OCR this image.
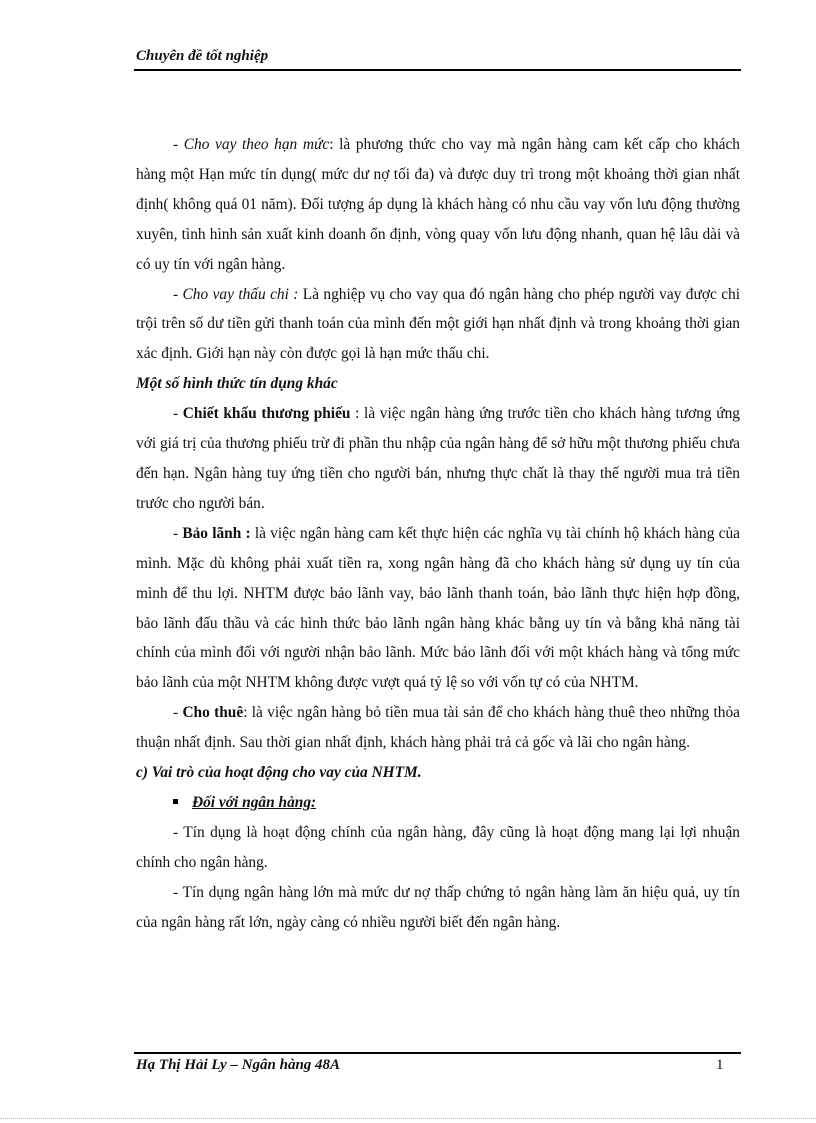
Chuyên đề tốt nghiệp

- Cho vay theo hạn mức: là phương thức cho vay mà ngân hàng cam kết cấp cho khách hàng một Hạn mức tín dụng( mức dư nợ tối đa) và được duy trì trong một khoảng thời gian nhất định( không quá 01 năm). Đối tượng áp dụng là khách hàng có nhu cầu vay vốn lưu động thường xuyên, tình hình sản xuất kinh doanh ổn định, vòng quay vốn lưu động nhanh, quan hệ lâu dài và có uy tín với ngân hàng.

- Cho vay thấu chi : Là nghiệp vụ cho vay qua đó ngân hàng cho phép người vay được chi trội trên số dư tiền gửi thanh toán của mình đến một giới hạn nhất định và trong khoảng thời gian xác định. Giới hạn này còn được gọi là hạn mức thấu chi.

Một số hình thức tín dụng khác

- Chiết khấu thương phiếu : là việc ngân hàng ứng trước tiền cho khách hàng tương ứng với giá trị của thương phiếu trừ đi phần thu nhập của ngân hàng để sở hữu một thương phiếu chưa đến hạn. Ngân hàng tuy ứng tiền cho người bán, nhưng thực chất là thay thế người mua trả tiền trước cho người bán.

- Bảo lãnh : là việc ngân hàng cam kết thực hiện các nghĩa vụ tài chính hộ khách hàng của mình. Mặc dù không phải xuất tiền ra, xong ngân hàng đã cho khách hàng sử dụng uy tín của mình để thu lợi. NHTM được bảo lãnh vay, bảo lãnh thanh toán, bảo lãnh thực hiện hợp đồng, bảo lãnh đấu thầu và các hình thức bảo lãnh ngân hàng khác bằng uy tín và bằng khả năng tài chính của mình đối với người nhận bảo lãnh. Mức bảo lãnh đối với một khách hàng và tổng mức bảo lãnh của một NHTM không được vượt quá tỷ lệ so với vốn tự có của NHTM.

- Cho thuê: là việc ngân hàng bỏ tiền mua tài sản để cho khách hàng thuê theo những thỏa thuận nhất định. Sau thời gian nhất định, khách hàng phải trả cả gốc và lãi cho ngân hàng.

c) Vai trò của hoạt động cho vay của NHTM.

Đối với ngân hàng:

- Tín dụng là hoạt động chính của ngân hàng, đây cũng là hoạt động mang lại lợi nhuận chính cho ngân hàng.

- Tín dụng ngân hàng lớn mà mức dư nợ thấp chứng tỏ ngân hàng làm ăn hiệu quả, uy tín của ngân hàng rất lớn, ngày càng có nhiều người biết đến ngân hàng.

Hạ Thị Hải Ly – Ngân hàng 48A	1
